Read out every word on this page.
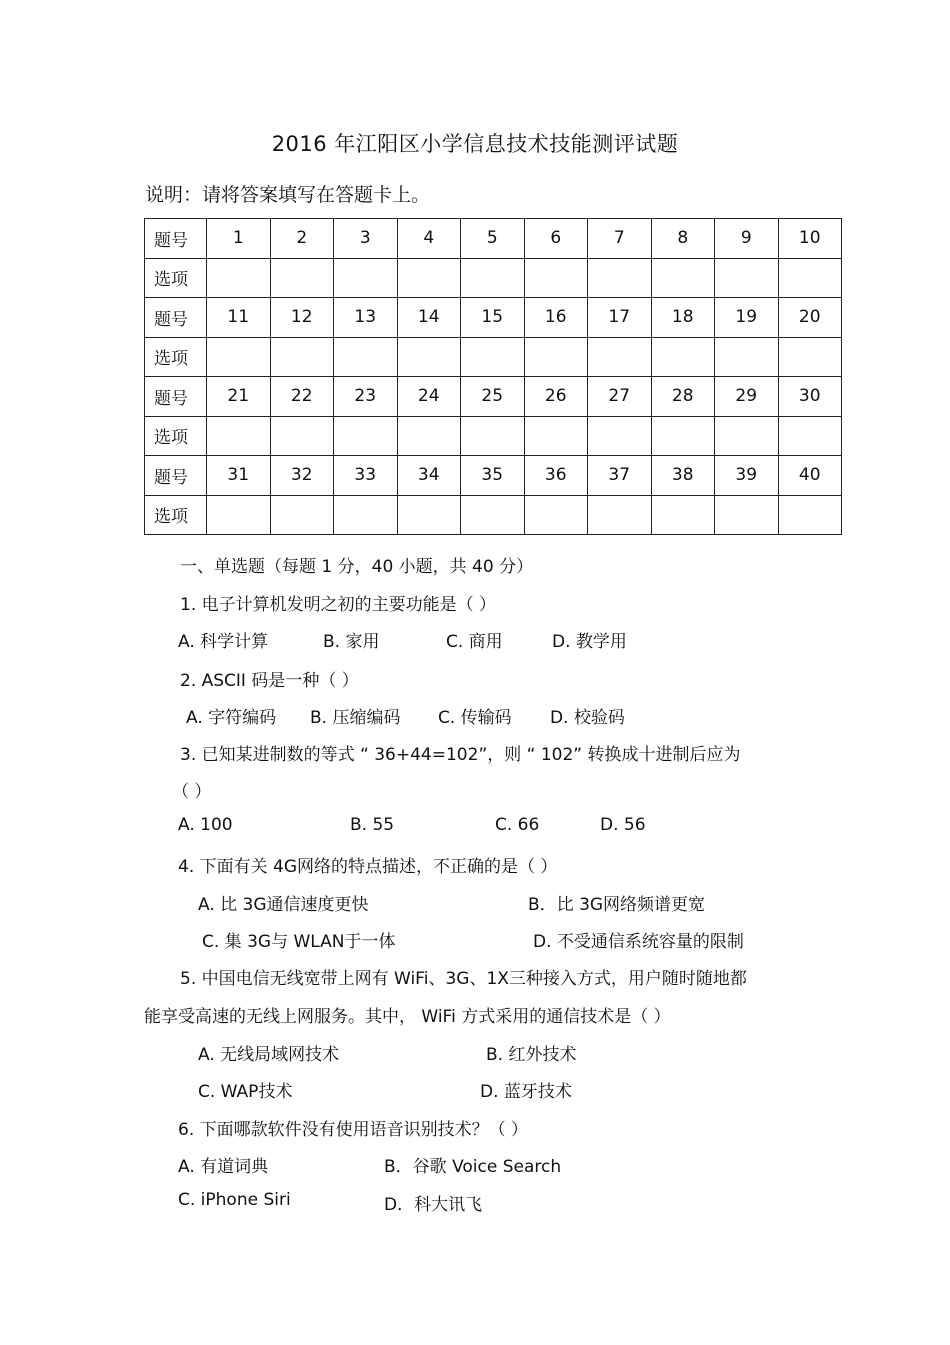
2016 年江阳区小学信息技术技能测评试题
说明：请将答案填写在答题卡上。
题号	1	2	3	4	5	6	7	8	9	10
选项										
题号	11	12	13	14	15	16	17	18	19	20
选项										
题号	21	22	23	24	25	26	27	28	29	30
选项										
题号	31	32	33	34	35	36	37	38	39	40
选项										
一、单选题（每题 1 分，40 小题，共 40 分）
1. 电子计算机发明之初的主要功能是（ ）
A. 科学计算	B. 家用	C. 商用	D. 教学用
2. ASCII 码是一种（ ）
A. 字符编码 B. 压缩编码 C. 传输码 D. 校验码
3. 已知某进制数的等式 “ 36+44=102”，则 “ 102” 转换成十进制后应为
（ ）
A. 100	B. 55	C. 66	D. 56
4. 下面有关 4G网络的特点描述，不正确的是（ ）
A. 比 3G通信速度更快	B．比 3G网络频谱更宽
C. 集 3G与 WLAN于一体	D. 不受通信系统容量的限制
5. 中国电信无线宽带上网有 WiFi、3G、1X三种接入方式，用户随时随地都
能享受高速的无线上网服务。其中， WiFi 方式采用的通信技术是（ ）
A. 无线局域网技术	B. 红外技术
C. WAP技术	D. 蓝牙技术
6. 下面哪款软件没有使用语音识别技术？（ ）
A. 有道词典	B．谷歌 Voice Search
C. iPhone Siri	D．科大讯飞
